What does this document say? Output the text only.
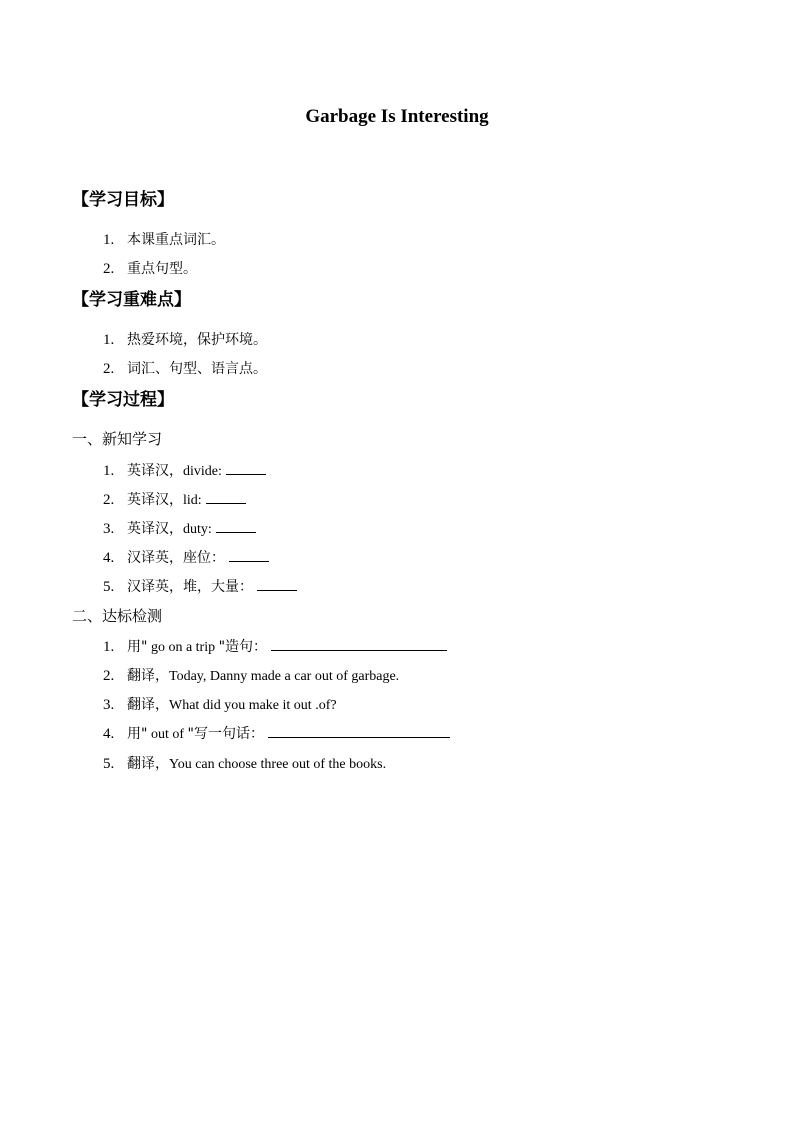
Garbage Is Interesting
【学习目标】
1. 本课重点词汇。
2. 重点句型。
【学习重难点】
1. 热爱环境，保护环境。
2. 词汇、句型、语言点。
【学习过程】
一、新知学习
1. 英译汉，divide:
2. 英译汉，lid:
3. 英译汉，duty:
4. 汉译英，座位：
5. 汉译英，堆，大量：
二、达标检测
1. 用" go on a trip "造句：
2. 翻译，Today, Danny made a car out of garbage.
3. 翻译，What did you make it out .of?
4. 用" out of "写一句话：
5. 翻译，You can choose three out of the books.
